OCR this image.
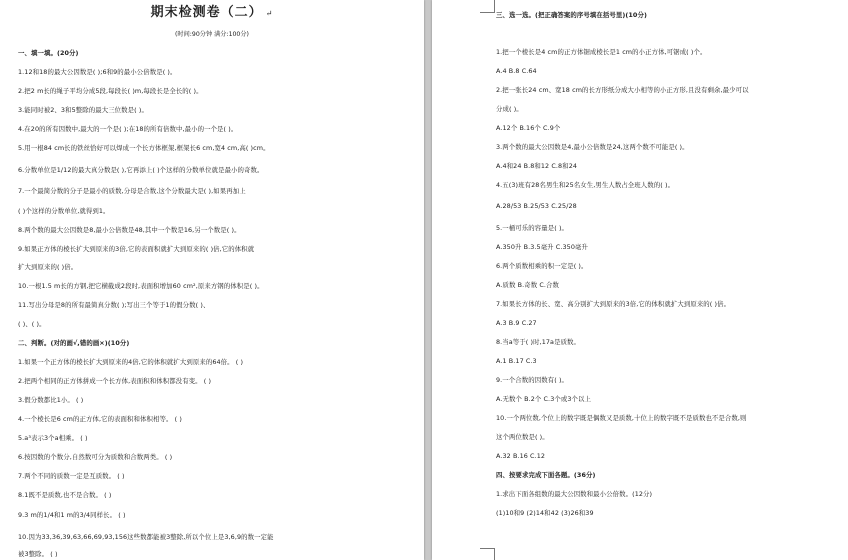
期末检测卷（二） ↵
(时间:90分钟 满分:100分)
一、填一填。(20分)
1.12和18的最大公因数是( );6和9的最小公倍数是( )。
2.把2 m长的绳子平均分成5段,每段长( )m,每段长是全长的( )。
3.能同时被2、3和5整除的最大三位数是( )。
4.在20的所有因数中,最大的一个是( );在18的所有倍数中,最小的一个是( )。
5.用一根84 cm长的铁丝恰好可以焊成一个长方体框架,框架长6 cm,宽4 cm,高( )cm。
6.分数单位是1/12的最大真分数是( ),它再添上( )个这样的分数单位就是最小的奇数。
7.一个最简分数的分子是最小的质数,分母是合数,这个分数最大是( ),如果再加上
( )个这样的分数单位,就得到1。
8.两个数的最大公因数是8,最小公倍数是48,其中一个数是16,另一个数是( )。
9.如果正方体的棱长扩大到原来的3倍,它的表面积就扩大到原来的( )倍,它的体积就
扩大到原来的( )倍。
10.一根1.5 m长的方钢,把它横截成2段时,表面积增加60 cm²,原来方钢的体积是( )。
11.写出分母是8的所有最简真分数( );写出三个等于1的假分数( )、
( )、( )。
二、判断。(对的画√,错的画×)(10分)
1.如果一个正方体的棱长扩大到原来的4倍,它的体积就扩大到原来的64倍。 ( )
2.把两个相同的正方体拼成一个长方体,表面积和体积都没有变。 ( )
3.假分数都比1小。 ( )
4.一个棱长是6 cm的正方体,它的表面积和体积相等。 ( )
5.a³表示3个a相乘。 ( )
6.按因数的个数分,自然数可分为质数和合数两类。 ( )
7.两个不同的质数一定是互质数。 ( )
8.1既不是质数,也不是合数。 ( )
9.3 m的1/4和1 m的3/4同样长。 ( )
10.因为33,36,39,63,66,69,93,156这些数都能被3整除,所以个位上是3,6,9的数一定能
被3整除。 ( )
三、选一选。(把正确答案的序号填在括号里)(10分)
1.把一个棱长是4 cm的正方体锯成棱长是1 cm的小正方体,可锯成( )个。
A.4 B.8 C.64
2.把一张长24 cm、宽18 cm的长方形纸分成大小相等的小正方形,且没有剩余,最少可以
分成( )。
A.12个 B.16个 C.9个
3.两个数的最大公因数是4,最小公倍数是24,这两个数不可能是( )。
A.4和24 B.8和12 C.8和24
4.五(3)班有28名男生和25名女生,男生人数占全班人数的( )。
A.28/53 B.25/53 C.25/28
5.一桶可乐的容量是( )。
A.350升 B.3.5毫升 C.350毫升
6.两个质数相乘的积一定是( )。
A.质数 B.奇数 C.合数
7.如果长方体的长、宽、高分别扩大到原来的3倍,它的体积就扩大到原来的( )倍。
A.3 B.9 C.27
8.当a等于( )时,17a是质数。
A.1 B.17 C.3
9.一个合数的因数有( )。
A.无数个 B.2个 C.3个或3个以上
10.一个两位数,个位上的数字既是偶数又是质数,十位上的数字既不是质数也不是合数,则
这个两位数是( )。
A.32 B.16 C.12
四、按要求完成下面各题。(36分)
1.求出下面各组数的最大公因数和最小公倍数。(12分)
(1)10和9 (2)14和42 (3)26和39
